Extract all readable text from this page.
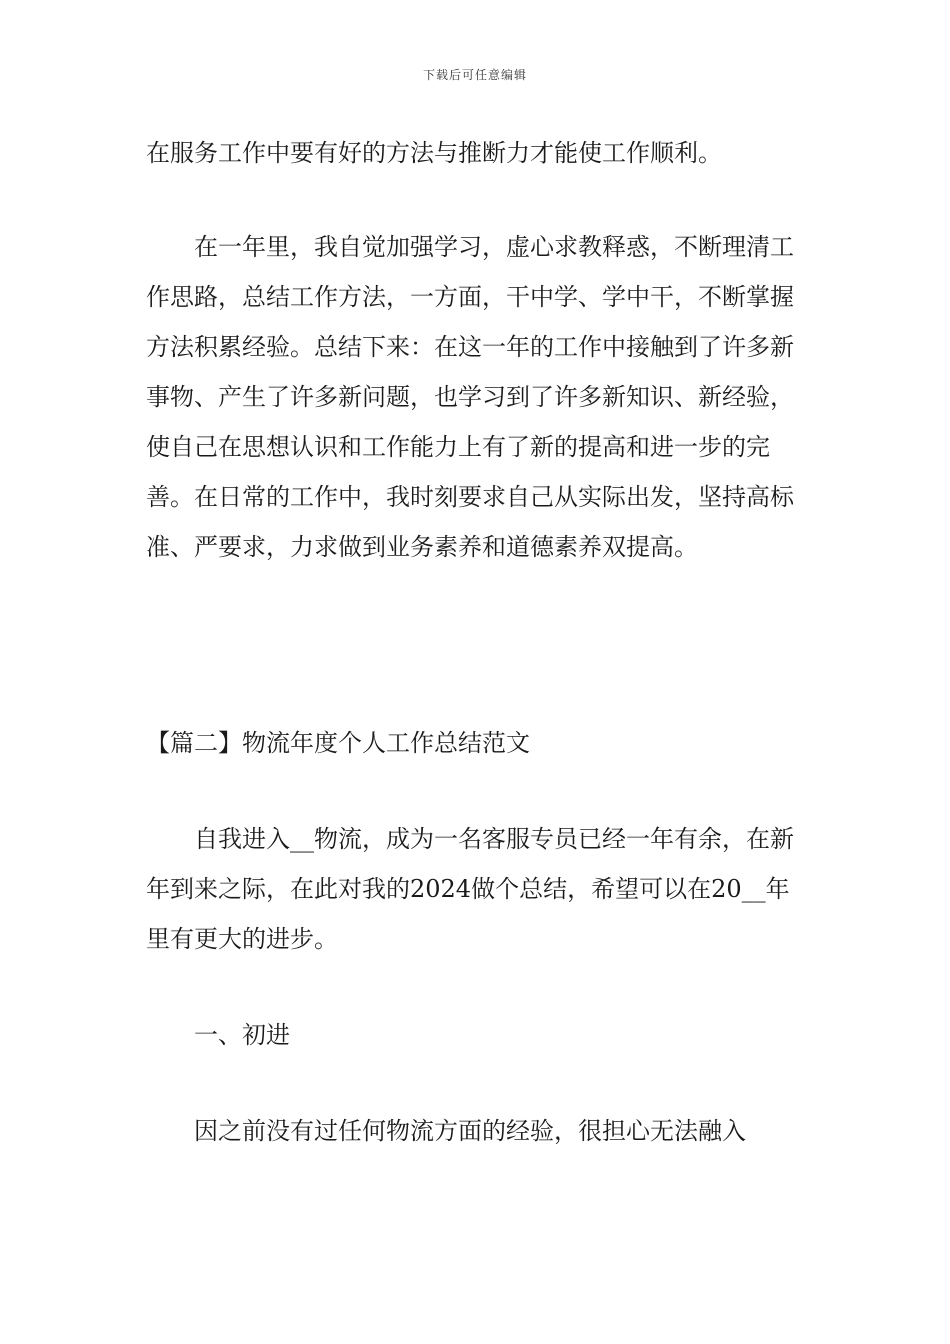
下载后可任意编辑

在服务工作中要有好的方法与推断力才能使工作顺利。

在一年里，我自觉加强学习，虚心求教释惑，不断理清工作思路，总结工作方法，一方面，干中学、学中干，不断掌握方法积累经验。总结下来：在这一年的工作中接触到了许多新事物、产生了许多新问题，也学习到了许多新知识、新经验，使自己在思想认识和工作能力上有了新的提高和进一步的完善。在日常的工作中，我时刻要求自己从实际出发，坚持高标准、严要求，力求做到业务素养和道德素养双提高。

【篇二】物流年度个人工作总结范文

自我进入__物流，成为一名客服专员已经一年有余，在新年到来之际，在此对我的2024做个总结，希望可以在20__年里有更大的进步。

一、初进

因之前没有过任何物流方面的经验，很担心无法融入
